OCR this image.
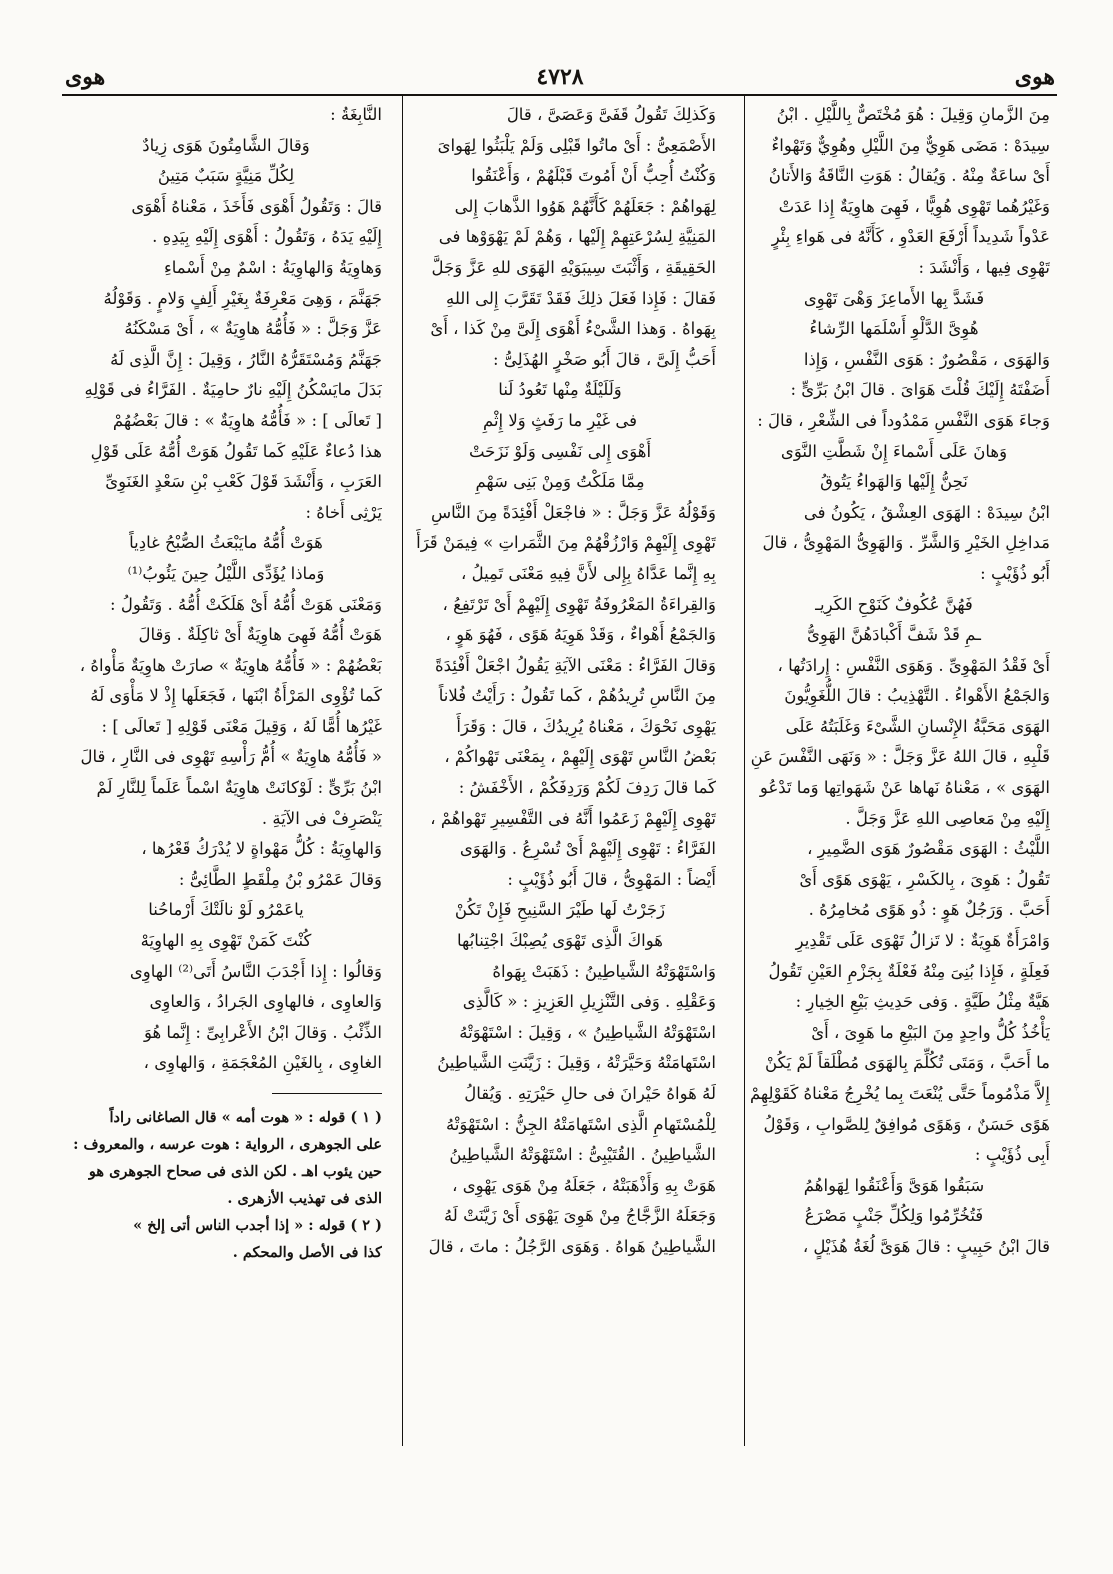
هوى	٤٧٢٨	هوى

مِنَ الزَّمانِ وَقِيلَ : هُوَ مُخْتَصٌّ بِاللَّيْلِ . ابْنُ

سِيدَهْ : مَضَى هَوِيٌّ مِنَ اللَّيْلِ وهُوِيٌّ وَتَهْواءٌ

أَىْ ساعَةٌ مِنْهُ . وَيُقالُ : هَوَتِ النَّاقَةُ وَالأَتانُ

وَغَيْرُهُما تَهْوِى هُوِيًّا ، فَهِىَ هاوِيَةٌ إِذا عَدَتْ

عَدْواً شَدِيداً أَرْفَعَ العَدْوِ ، كَأَنَّهُ فى هَواءِ بِئْرٍ

تَهْوِى فِيها ، وَأَنْشَدَ :

فَشَدَّ بِها الأَماعِزَ وَهْىَ تَهْوِى

هُوِىَّ الدَّلْوِ أَسْلَمَها الرِّشاءُ

وَالهَوَى ، مَقْصُورٌ : هَوَى النَّفْسِ ، وَإِذا

أَضَفْتَهُ إِلَيْكَ قُلْتَ هَوَاىَ . قالَ ابْنُ بَرِّىٍّ :

وَجاءَ هَوَى النَّفْسِ مَمْدُوداً فى الشِّعْرِ ، قالَ :

وَهانَ عَلَى أَسْماءَ إِنْ شَطَّتِ النَّوَى

نَحِنُّ إِلَيْها وَالهَواءُ يَتُوقُ

ابْنُ سِيدَهْ : الهَوَى العِشْقُ ، يَكُونُ فى

مَداخِلِ الخَيْرِ وَالشَّرِّ . وَالهَوِىُّ المَهْوِىُّ ، قالَ

أَبُو ذُؤَيْبٍ :

فَهُنَّ عُكُوفٌ كَنَوْحِ الكَرِيـ

ـمِ قَدْ شَفَّ أَكْبادَهُنَّ الهَوِىُّ

أَىْ فَقْدُ المَهْوِىِّ . وَهَوَى النَّفْسِ : إِرادَتُها ،

وَالجَمْعُ الأَهْواءُ . التَّهْذِيبُ : قالَ اللُّغَوِيُّونَ

الهَوَى مَحَبَّةُ الإِنْسانِ الشَّىْءَ وَغَلَبَتُهُ عَلَى

قَلْبِهِ ، قالَ اللهُ عَزَّ وَجَلَّ : « وَنَهَى النَّفْسَ عَنِ

الهَوَى » ، مَعْناهُ نَهاها عَنْ شَهَواتِها وَما تَدْعُو

إِلَيْهِ مِنْ مَعاصِى اللهِ عَزَّ وَجَلَّ .

اللَّيْثُ : الهَوَى مَقْصُورٌ هَوَى الضَّمِيرِ ،

تَقُولُ : هَوِىَ ، بِالكَسْرِ ، يَهْوَى هَوًى أَىْ

أَحَبَّ . وَرَجُلٌ هَوٍ : ذُو هَوًى مُخامِرُهُ .

وَامْرَأَةٌ هَوِيَةٌ : لا تَزالُ تَهْوَى عَلَى تَقْدِيرِ

فَعِلَةٍ ، فَإِذا بُنِىَ مِنْهُ فَعْلَةٌ بِجَزْمِ العَيْنِ تَقُولُ

هَيَّةٌ مِثْلُ طَيَّةٍ . وَفى حَدِيثِ بَيْعِ الخِيارِ :

يَأْخُذُ كُلُّ واحِدٍ مِنَ البَيْعِ ما هَوِىَ ، أَىْ

ما أَحَبَّ ، وَمَتَى تُكُلِّمَ بِالهَوَى مُطْلَقاً لَمْ يَكُنْ

إِلاَّ مَذْمُوماً حَتَّى يُنْعَتَ بِما يُخْرِجُ مَعْناهُ كَقَوْلِهِمْ

هَوًى حَسَنٌ ، وَهَوًى مُوافِقٌ لِلصَّوابِ ، وَقَوْلُ

أَبِى ذُؤَيْبٍ :

سَبَقُوا هَوَىَّ وَأَعْنَقُوا لِهَواهُمُ

فَتُخُرِّمُوا وَلِكُلِّ جَنْبٍ مَصْرَعُ

قالَ ابْنُ حَبِيبٍ : قالَ هَوَىَّ لُغَةُ هُذَيْلٍ ،

وَكَذلِكَ تَقُولُ قَفَىَّ وَعَصَىَّ ، قالَ

الأَصْمَعِىُّ : أَىْ ماتُوا قَبْلِى وَلَمْ يَلْبَثُوا لِهَواىَ

وَكُنْتُ أُحِبُّ أَنْ أَمُوتَ قَبْلَهُمْ ، وَأَعْنَقُوا

لِهَواهُمْ : جَعَلَهُمْ كَأَنَّهُمْ هَوُوا الذَّهابَ إِلى

المَنِيَّةِ لِسُرْعَتِهِمْ إِلَيْها ، وَهُمْ لَمْ يَهْوَوْها فى

الحَقِيقَةِ ، وَأَثْبَتَ سِيبَوَيْهِ الهَوَى للهِ عَزَّ وَجَلَّ

فَقالَ : فَإِذا فَعَلَ ذلِكَ فَقَدْ تَقَرَّبَ إِلى اللهِ

بِهَواهُ . وَهذا الشَّىْءُ أَهْوَى إِلَىَّ مِنْ كَذا ، أَىْ

أَحَبُّ إِلَىَّ ، قالَ أَبُو صَخْرٍ الهُذَلِىُّ :

وَلَلَيْلَةٌ مِنْها تَعُودُ لَنا

فى غَيْرِ ما رَفَثٍ وَلا إِثْمِ

أَهْوَى إِلى نَفْسِى وَلَوْ نَزَحَتْ

مِمَّا مَلَكْتُ وَمِنْ بَنِى سَهْمِ

وَقَوْلُهُ عَزَّ وَجَلَّ : « فاجْعَلْ أَفْئِدَةً مِنَ النَّاسِ

تَهْوِى إِلَيْهِمْ وَارْزُقْهُمْ مِنَ الثَّمَراتِ » فِيمَنْ قَرَأَ

بِهِ إِنَّما عَدَّاهُ بِإِلى لأَنَّ فِيهِ مَعْنَى تَمِيلُ ،

وَالقِراءَةُ المَعْرُوفَةُ تَهْوِى إِلَيْهِمْ أَىْ تَرْتَفِعُ ،

وَالجَمْعُ أَهْواءٌ ، وَقَدْ هَوِيَهُ هَوًى ، فَهُوَ هَوٍ ،

وَقالَ الفَرَّاءُ : مَعْنَى الآيَةِ يَقُولُ اجْعَلْ أَفْئِدَةً

مِنَ النَّاسِ تُرِيدُهُمْ ، كَما تَقُولُ : رَأَيْتُ فُلاناً

يَهْوِى نَحْوَكَ ، مَعْناهُ يُرِيدُكَ ، قالَ : وَقَرَأَ

بَعْضُ النَّاسِ تَهْوَى إِلَيْهِمْ ، بِمَعْنَى تَهْواكُمْ ،

كَما قالَ رَدِفَ لَكُمْ وَرَدِفَكُمْ ، الأَخْفَشُ :

تَهْوِى إِلَيْهِمْ زَعَمُوا أَنَّهُ فى التَّفْسِيرِ تَهْواهُمْ ،

الفَرَّاءُ : تَهْوِى إِلَيْهِمْ أَىْ تُسْرِعُ . وَالهَوَى

أَيْضاً : المَهْوِىُّ ، قالَ أَبُو ذُؤَيْبٍ :

زَجَرْتُ لَها طَيْرَ السَّنِيحِ فَإِنْ تَكُنْ

هَواكَ الَّذِى تَهْوَى يُصِبْكَ اجْتِنابُها

وَاسْتَهْوَتْهُ الشَّياطِينُ : ذَهَبَتْ بِهَواهُ

وَعَقْلِهِ . وَفى التَّنْزِيلِ العَزِيزِ : « كَالَّذِى

اسْتَهْوَتْهُ الشَّياطِينُ » ، وَقِيلَ : اسْتَهْوَتْهُ

اسْتَهامَتْهُ وَحَيَّرَتْهُ ، وَقِيلَ : زَيَّنَتِ الشَّياطِينُ

لَهُ هَواهُ حَيْرانَ فى حالِ حَيْرَتِهِ . وَيُقالُ

لِلْمُسْتَهامِ الَّذِى اسْتَهامَتْهُ الجِنُّ : اسْتَهْوَتْهُ

الشَّياطِينُ . القُتَيْبِىُّ : اسْتَهْوَتْهُ الشَّياطِينُ

هَوَتْ بِهِ وَأَذْهَبَتْهُ ، جَعَلَهُ مِنْ هَوَى يَهْوِى ،

وَجَعَلَهُ الزَّجَّاجُ مِنْ هَوِىَ يَهْوَى أَىْ زَيَّنَتْ لَهُ

الشَّياطِينُ هَواهُ . وَهَوَى الرَّجُلُ : ماتَ ، قالَ

النَّابِغَةُ :

وَقالَ الشَّامِتُونَ هَوَى زِيادٌ

لِكُلِّ مَنِيَّةٍ سَبَبٌ مَتِينُ

قالَ : وَتَقُولُ أَهْوَى فَأَخَذَ ، مَعْناهُ أَهْوَى

إِلَيْهِ يَدَهُ ، وَتَقُولُ : أَهْوَى إِلَيْهِ بِيَدِهِ .

وَهاوِيَةُ وَالهاوِيَةُ : اسْمٌ مِنْ أَسْماءِ

جَهَنَّمَ ، وَهِىَ مَعْرِفَةٌ بِغَيْرِ أَلِفٍ وَلامٍ . وَقَوْلُهُ

عَزَّ وَجَلَّ : « فَأُمُّهُ هاوِيَةٌ » ، أَىْ مَسْكَنُهُ

جَهَنَّمُ وَمُسْتَقَرُّهُ النَّارُ ، وَقِيلَ : إِنَّ الَّذِى لَهُ

بَدَلَ مايَسْكُنُ إِلَيْهِ نارٌ حامِيَةٌ . الفَرَّاءُ فى قَوْلِهِ

[ تَعالَى ] : « فَأُمُّهُ هاوِيَةٌ » : قالَ بَعْضُهُمْ

هذا دُعاءٌ عَلَيْهِ كَما تَقُولُ هَوَتْ أُمُّهُ عَلَى قَوْلِ

العَرَبِ ، وَأَنْشَدَ قَوْلَ كَعْبِ بْنِ سَعْدٍ الغَنَوِىِّ

يَرْثِى أَخاهُ :

هَوَتْ أُمُّهُ مايَبْعَثُ الصُّبْحُ غادِياً

وَماذا يُؤَدِّى اللَّيْلُ حِينَ يَئُوبُ⁽¹⁾

وَمَعْنَى هَوَتْ أُمُّهُ أَىْ هَلَكَتْ أُمُّهُ . وَتَقُولُ :

هَوَتْ أُمُّهُ فَهِىَ هاوِيَةٌ أَىْ ثاكِلَةٌ . وَقالَ

بَعْضُهُمْ : « فَأُمُّهُ هاوِيَةٌ » صارَتْ هاوِيَةٌ مَأْواهُ ،

كَما تُؤْوِى المَرْأَةُ ابْنَها ، فَجَعَلَها إِذْ لا مَأْوَى لَهُ

غَيْرُها أُمًّا لَهُ ، وَقِيلَ مَعْنَى قَوْلِهِ [ تَعالَى ] :

« فَأُمُّهُ هاوِيَةٌ » أُمُّ رَأْسِهِ تَهْوِى فى النَّارِ ، قالَ

ابْنُ بَرِّىٍّ : لَوْكانَتْ هاوِيَةٌ اسْماً عَلَماً لِلنَّارِ لَمْ

يَنْصَرِفْ فى الآيَةِ .

وَالهاوِيَةُ : كُلُّ مَهْواةٍ لا يُدْرَكُ قَعْرُها ،

وَقالَ عَمْرُو بْنُ مِلْقَطٍ الطَّائِىُّ :

ياعَمْرُو لَوْ نالَتْكَ أَرْماحُنا

كُنْتَ كَمَنْ تَهْوِى بِهِ الهاوِيَهْ

وَقالُوا : إِذا أَجْدَبَ النَّاسُ أَتَى⁽²⁾ الهاوِى

وَالعاوِى ، فالهاوِى الجَرادُ ، وَالعاوِى

الذِّئْبُ . وَقالَ ابْنُ الأَعْرابِىِّ : إِنَّما هُوَ

الغاوِى ، بِالغَيْنِ المُعْجَمَةِ ، وَالهاوِى ،

( ١ ) قوله : « هوت أمه » قال الصاغانى راداً

على الجوهرى ، الرواية : هوت عرسه ، والمعروف :

حين يئوب اهـ . لكن الذى فى صحاح الجوهرى هو

الذى فى تهذيب الأزهرى .

( ٢ ) قوله : « إذا أجدب الناس أتى إلخ »

كذا فى الأصل والمحكم .
